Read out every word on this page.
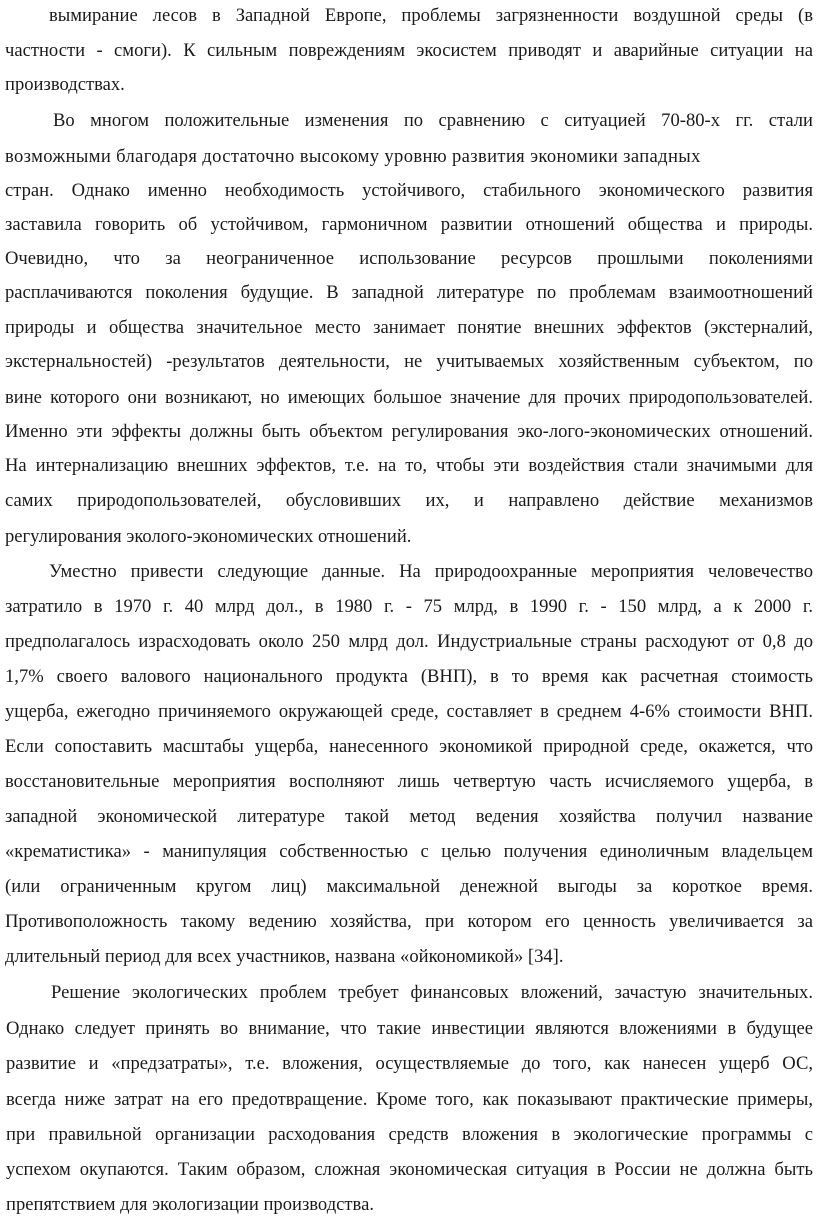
вымирание лесов в Западной Европе, проблемы загрязненности воздушной среды (в
частности - смоги). К сильным повреждениям экосистем приводят и аварийные ситуации на
производствах.
Во многом положительные изменения по сравнению с ситуацией 70-80-х гг. стали
возможными благодаря достаточно высокому уровню развития экономики западных
стран. Однако именно необходимость устойчивого, стабильного экономического развития
заставила говорить об устойчивом, гармоничном развитии отношений общества и природы.
Очевидно, что за неограниченное использование ресурсов прошлыми поколениями
расплачиваются поколения будущие. В западной литературе по проблемам взаимоотношений
природы и общества значительное место занимает понятие внешних эффектов (экстерналий,
экстернальностей) -результатов деятельности, не учитываемых хозяйственным субъектом, по
вине которого они возникают, но имеющих большое значение для прочих природопользователей.
Именно эти эффекты должны быть объектом регулирования эко-лого-экономических отношений.
На интернализацию внешних эффектов, т.е. на то, чтобы эти воздействия стали значимыми для
самих природопользователей, обусловивших их, и направлено действие механизмов
регулирования эколого-экономических отношений.
Уместно привести следующие данные. На природоохранные мероприятия человечество
затратило в 1970 г. 40 млрд дол., в 1980 г. - 75 млрд, в 1990 г. - 150 млрд, а к 2000 г.
предполагалось израсходовать около 250 млрд дол. Индустриальные страны расходуют от 0,8 до
1,7% своего валового национального продукта (ВНП), в то время как расчетная стоимость
ущерба, ежегодно причиняемого окружающей среде, составляет в среднем 4-6% стоимости ВНП.
Если сопоставить масштабы ущерба, нанесенного экономикой природной среде, окажется, что
восстановительные мероприятия восполняют лишь четвертую часть исчисляемого ущерба, в
западной экономической литературе такой метод ведения хозяйства получил название
«крематистика» - манипуляция собственностью с целью получения единоличным владельцем
(или ограниченным кругом лиц) максимальной денежной выгоды за короткое время.
Противоположность такому ведению хозяйства, при котором его ценность увеличивается за
длительный период для всех участников, названа «ойкономикой» [34].
Решение экологических проблем требует финансовых вложений, зачастую значительных.
Однако следует принять во внимание, что такие инвестиции являются вложениями в будущее
развитие и «предзатраты», т.е. вложения, осуществляемые до того, как нанесен ущерб ОС,
всегда ниже затрат на его предотвращение. Кроме того, как показывают практические примеры,
при правильной организации расходования средств вложения в экологические программы с
успехом окупаются. Таким образом, сложная экономическая ситуация в России не должна быть
препятствием для экологизации производства.
